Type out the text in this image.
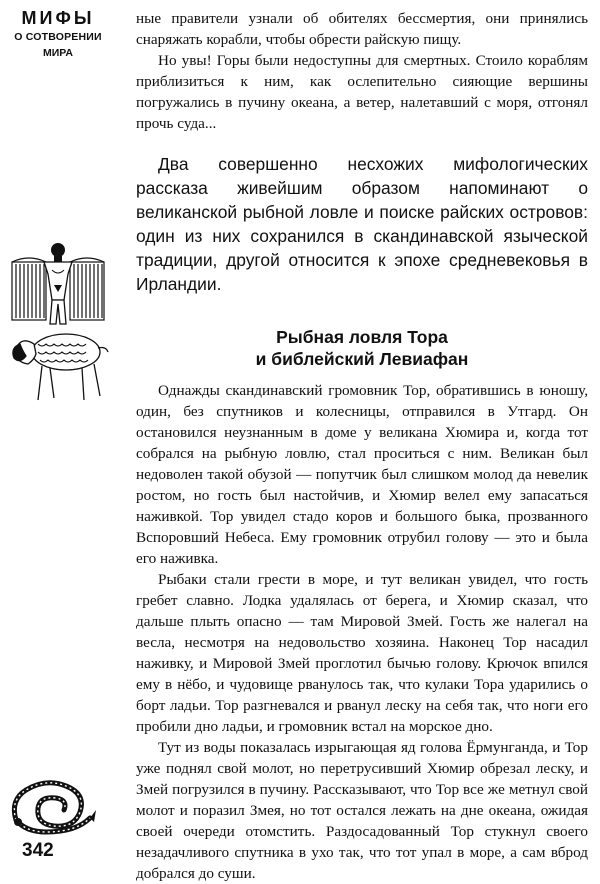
МИФЫ
О СОТВОРЕНИИ
МИРА
342

ные правители узнали об обителях бессмертия, они принялись снаряжать корабли, чтобы обрести райскую пищу.

Но увы! Горы были недоступны для смертных. Стоило кораблям приблизиться к ним, как ослепительно сияющие вершины погружались в пучину океана, а ветер, налетавший с моря, отгонял прочь суда...

Два совершенно несхожих мифологических рассказа живейшим образом напоминают о великанской рыбной ловле и поиске райских островов: один из них сохранился в скандинавской языческой традиции, другой относится к эпохе средневековья в Ирландии.

Рыбная ловля Тора
и библейский Левиафан

Однажды скандинавский громовник Тор, обратившись в юношу, один, без спутников и колесницы, отправился в Утгард. Он остановился неузнанным в доме у великана Хюмира и, когда тот собрался на рыбную ловлю, стал проситься с ним. Великан был недоволен такой обузой — попутчик был слишком молод да невелик ростом, но гость был настойчив, и Хюмир велел ему запасаться наживкой. Тор увидел стадо коров и большого быка, прозванного Вспоровший Небеса. Ему громовник отрубил голову — это и была его наживка.

Рыбаки стали грести в море, и тут великан увидел, что гость гребет славно. Лодка удалялась от берега, и Хюмир сказал, что дальше плыть опасно — там Мировой Змей. Гость же налегал на весла, несмотря на недовольство хозяина. Наконец Тор насадил наживку, и Мировой Змей проглотил бычью голову. Крючок впился ему в нёбо, и чудовище рванулось так, что кулаки Тора ударились о борт ладьи. Тор разгневался и рванул леску на себя так, что ноги его пробили дно ладьи, и громовник встал на морское дно.

Тут из воды показалась изрыгающая яд голова Ёрмунганда, и Тор уже поднял свой молот, но перетрусивший Хюмир обрезал леску, и Змей погрузился в пучину. Рассказывают, что Тор все же метнул свой молот и поразил Змея, но тот остался лежать на дне океана, ожидая своей очереди отомстить. Раздосадованный Тор стукнул своего незадачливого спутника в ухо так, что тот упал в море, а сам вброд добрался до суши.
